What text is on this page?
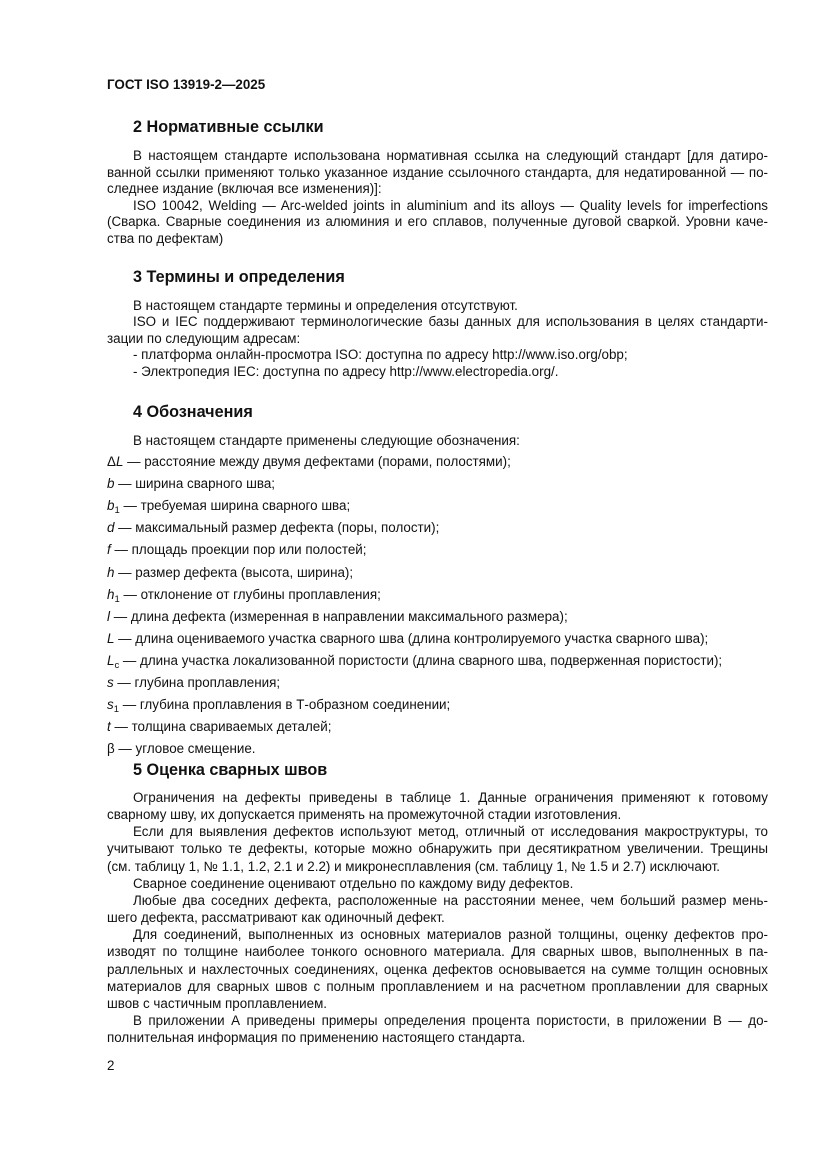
ГОСТ ISO 13919-2—2025
2
2 Нормативные ссылки
В настоящем стандарте использована нормативная ссылка на следующий стандарт [для датиро-
ванной ссылки применяют только указанное издание ссылочного стандарта, для недатированной — по-
следнее издание (включая все изменения)]:
ISO 10042, Welding — Arc-welded joints in aluminium and its alloys — Quality levels for imperfections
(Сварка. Сварные соединения из алюминия и его сплавов, полученные дуговой сваркой. Уровни каче-
ства по дефектам)
3 Термины и определения
В настоящем стандарте термины и определения отсутствуют.
ISO и IEC поддерживают терминологические базы данных для использования в целях стандарти-
зации по следующим адресам:
- платформа онлайн-просмотра ISO: доступна по адресу http://www.iso.org/obp;
- Электропедия IEC: доступна по адресу http://www.electropedia.org/.
4 Обозначения
В настоящем стандарте применены следующие обозначения:
ΔL — расстояние между двумя дефектами (порами, полостями);
b — ширина сварного шва;
$b_1$ — требуемая ширина сварного шва;
d — максимальный размер дефекта (поры, полости);
f — площадь проекции пор или полостей;
h — размер дефекта (высота, ширина);
$h_1$ — отклонение от глубины проплавления;
l — длина дефекта (измеренная в направлении максимального размера);
L — длина оцениваемого участка сварного шва (длина контролируемого участка сварного шва);
$L_c$ — длина участка локализованной пористости (длина сварного шва, подверженная пористости);
s — глубина проплавления;
$s_1$ — глубина проплавления в Т-образном соединении;
t — толщина свариваемых деталей;
β — угловое смещение.
5 Оценка сварных швов
Ограничения на дефекты приведены в таблице 1. Данные ограничения применяют к готовому
сварному шву, их допускается применять на промежуточной стадии изготовления.
Если для выявления дефектов используют метод, отличный от исследования макроструктуры, то
учитывают только те дефекты, которые можно обнаружить при десятикратном увеличении. Трещины
(см. таблицу 1, № 1.1, 1.2, 2.1 и 2.2) и микронесплавления (см. таблицу 1, № 1.5 и 2.7) исключают.
Сварное соединение оценивают отдельно по каждому виду дефектов.
Любые два соседних дефекта, расположенные на расстоянии менее, чем больший размер мень-
шего дефекта, рассматривают как одиночный дефект.
Для соединений, выполненных из основных материалов разной толщины, оценку дефектов про-
изводят по толщине наиболее тонкого основного материала. Для сварных швов, выполненных в па-
раллельных и нахлесточных соединениях, оценка дефектов основывается на сумме толщин основных
материалов для сварных швов с полным проплавлением и на расчетном проплавлении для сварных
швов с частичным проплавлением.
В приложении А приведены примеры определения процента пористости, в приложении В — до-
полнительная информация по применению настоящего стандарта.
